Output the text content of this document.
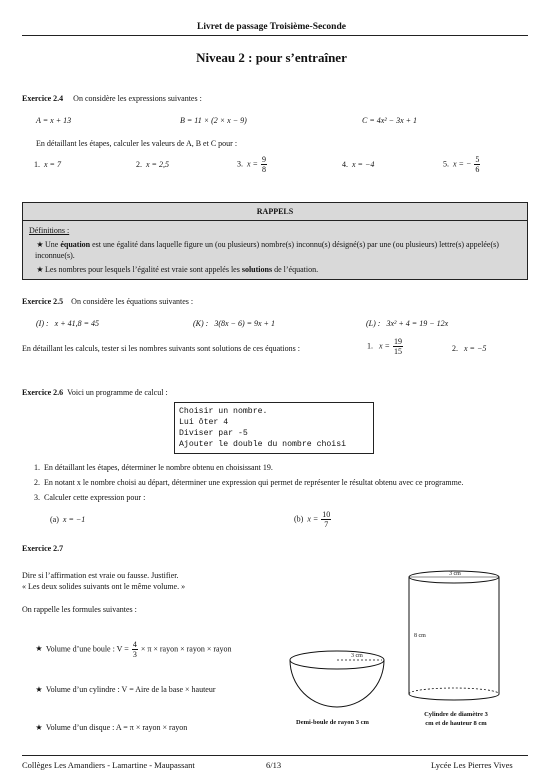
Livret de passage Troisième-Seconde
Niveau 2 : pour s’entraîner
Exercice 2.4 On considère les expressions suivantes :
A = x + 13	B = 11 × (2 × x − 9)	C = 4x² − 3x + 1
En détaillant les étapes, calculer les valeurs de A, B et C pour :
1. x = 7	2. x = 2,5	3. $x = \frac{9}{8}$	4. x = −4	5. x = − $\frac{5}{6}$
RAPPELS
Définitions :
★Une équation est une égalité dans laquelle figure un (ou plusieurs) nombre(s) inconnu(s) désigné(s) par une (ou plusieurs) lettre(s) appelée(s) inconnue(s).
★Les nombres pour lesquels l’égalité est vraie sont appelés les solutions de l’équation.
Exercice 2.5 On considère les équations suivantes :
(I) : x + 41,8 = 45	(K) : 3(8x − 6) = 9x + 1	(L) : 3x² + 4 = 19 − 12x
En détaillant les calculs, tester si les nombres suivants sont solutions de ces équations :	1. $x = \frac{19}{15}$	2. x = −5
Exercice 2.6 Voici un programme de calcul :
Choisir un nombre.
Lui ôter 4
Diviser par -5
Ajouter le double du nombre choisi
1.  En détaillant les étapes, déterminer le nombre obtenu en choisissant 19.
2.  En notant x le nombre choisi au départ, déterminer une expression qui permet de représenter le résultat obtenu avec ce programme.
3.  Calculer cette expression pour :
(a) x = −1	(b) $x = \frac{10}{7}$
Exercice 2.7
Dire si l’affirmation est vraie ou fausse. Justifier.
« Les deux solides suivants ont le même volume. »
On rappelle les formules suivantes :
★ Volume d’une boule : $V = \frac{4}{3} \times \pi$ × rayon × rayon × rayon
★ Volume d’un cylindre : V = Aire de la base × hauteur
★ Volume d’un disque : A = π × rayon × rayon
3 cm
Demi-boule de rayon 3 cm
3 cm
8 cm
Cylindre de diamètre 3
cm et de hauteur 8 cm
Collèges Les Amandiers - Lamartine - Maupassant	6/13	Lycée Les Pierres Vives
